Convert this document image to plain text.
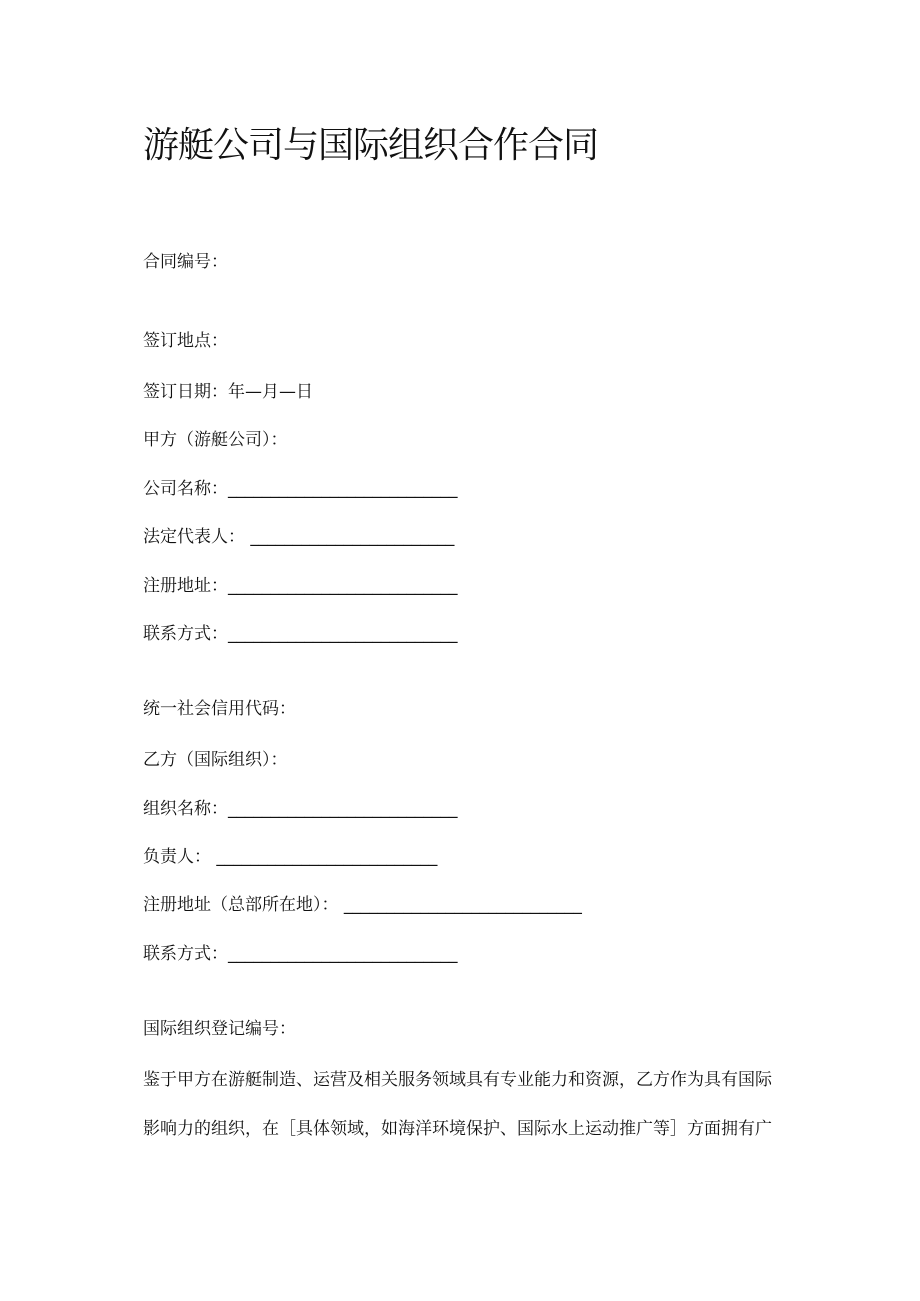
游艇公司与国际组织合作合同
合同编号：
签订地点：
签订日期：年—月—日
甲方（游艇公司）：
公司名称：___________________________
法定代表人： ________________________
注册地址：___________________________
联系方式：___________________________
统一社会信用代码：
乙方（国际组织）：
组织名称：___________________________
负责人： __________________________
注册地址（总部所在地）： ____________________________
联系方式：___________________________
国际组织登记编号：
鉴于甲方在游艇制造、运营及相关服务领域具有专业能力和资源，乙方作为具有国际
影响力的组织，在［具体领域，如海洋环境保护、国际水上运动推广等］方面拥有广
